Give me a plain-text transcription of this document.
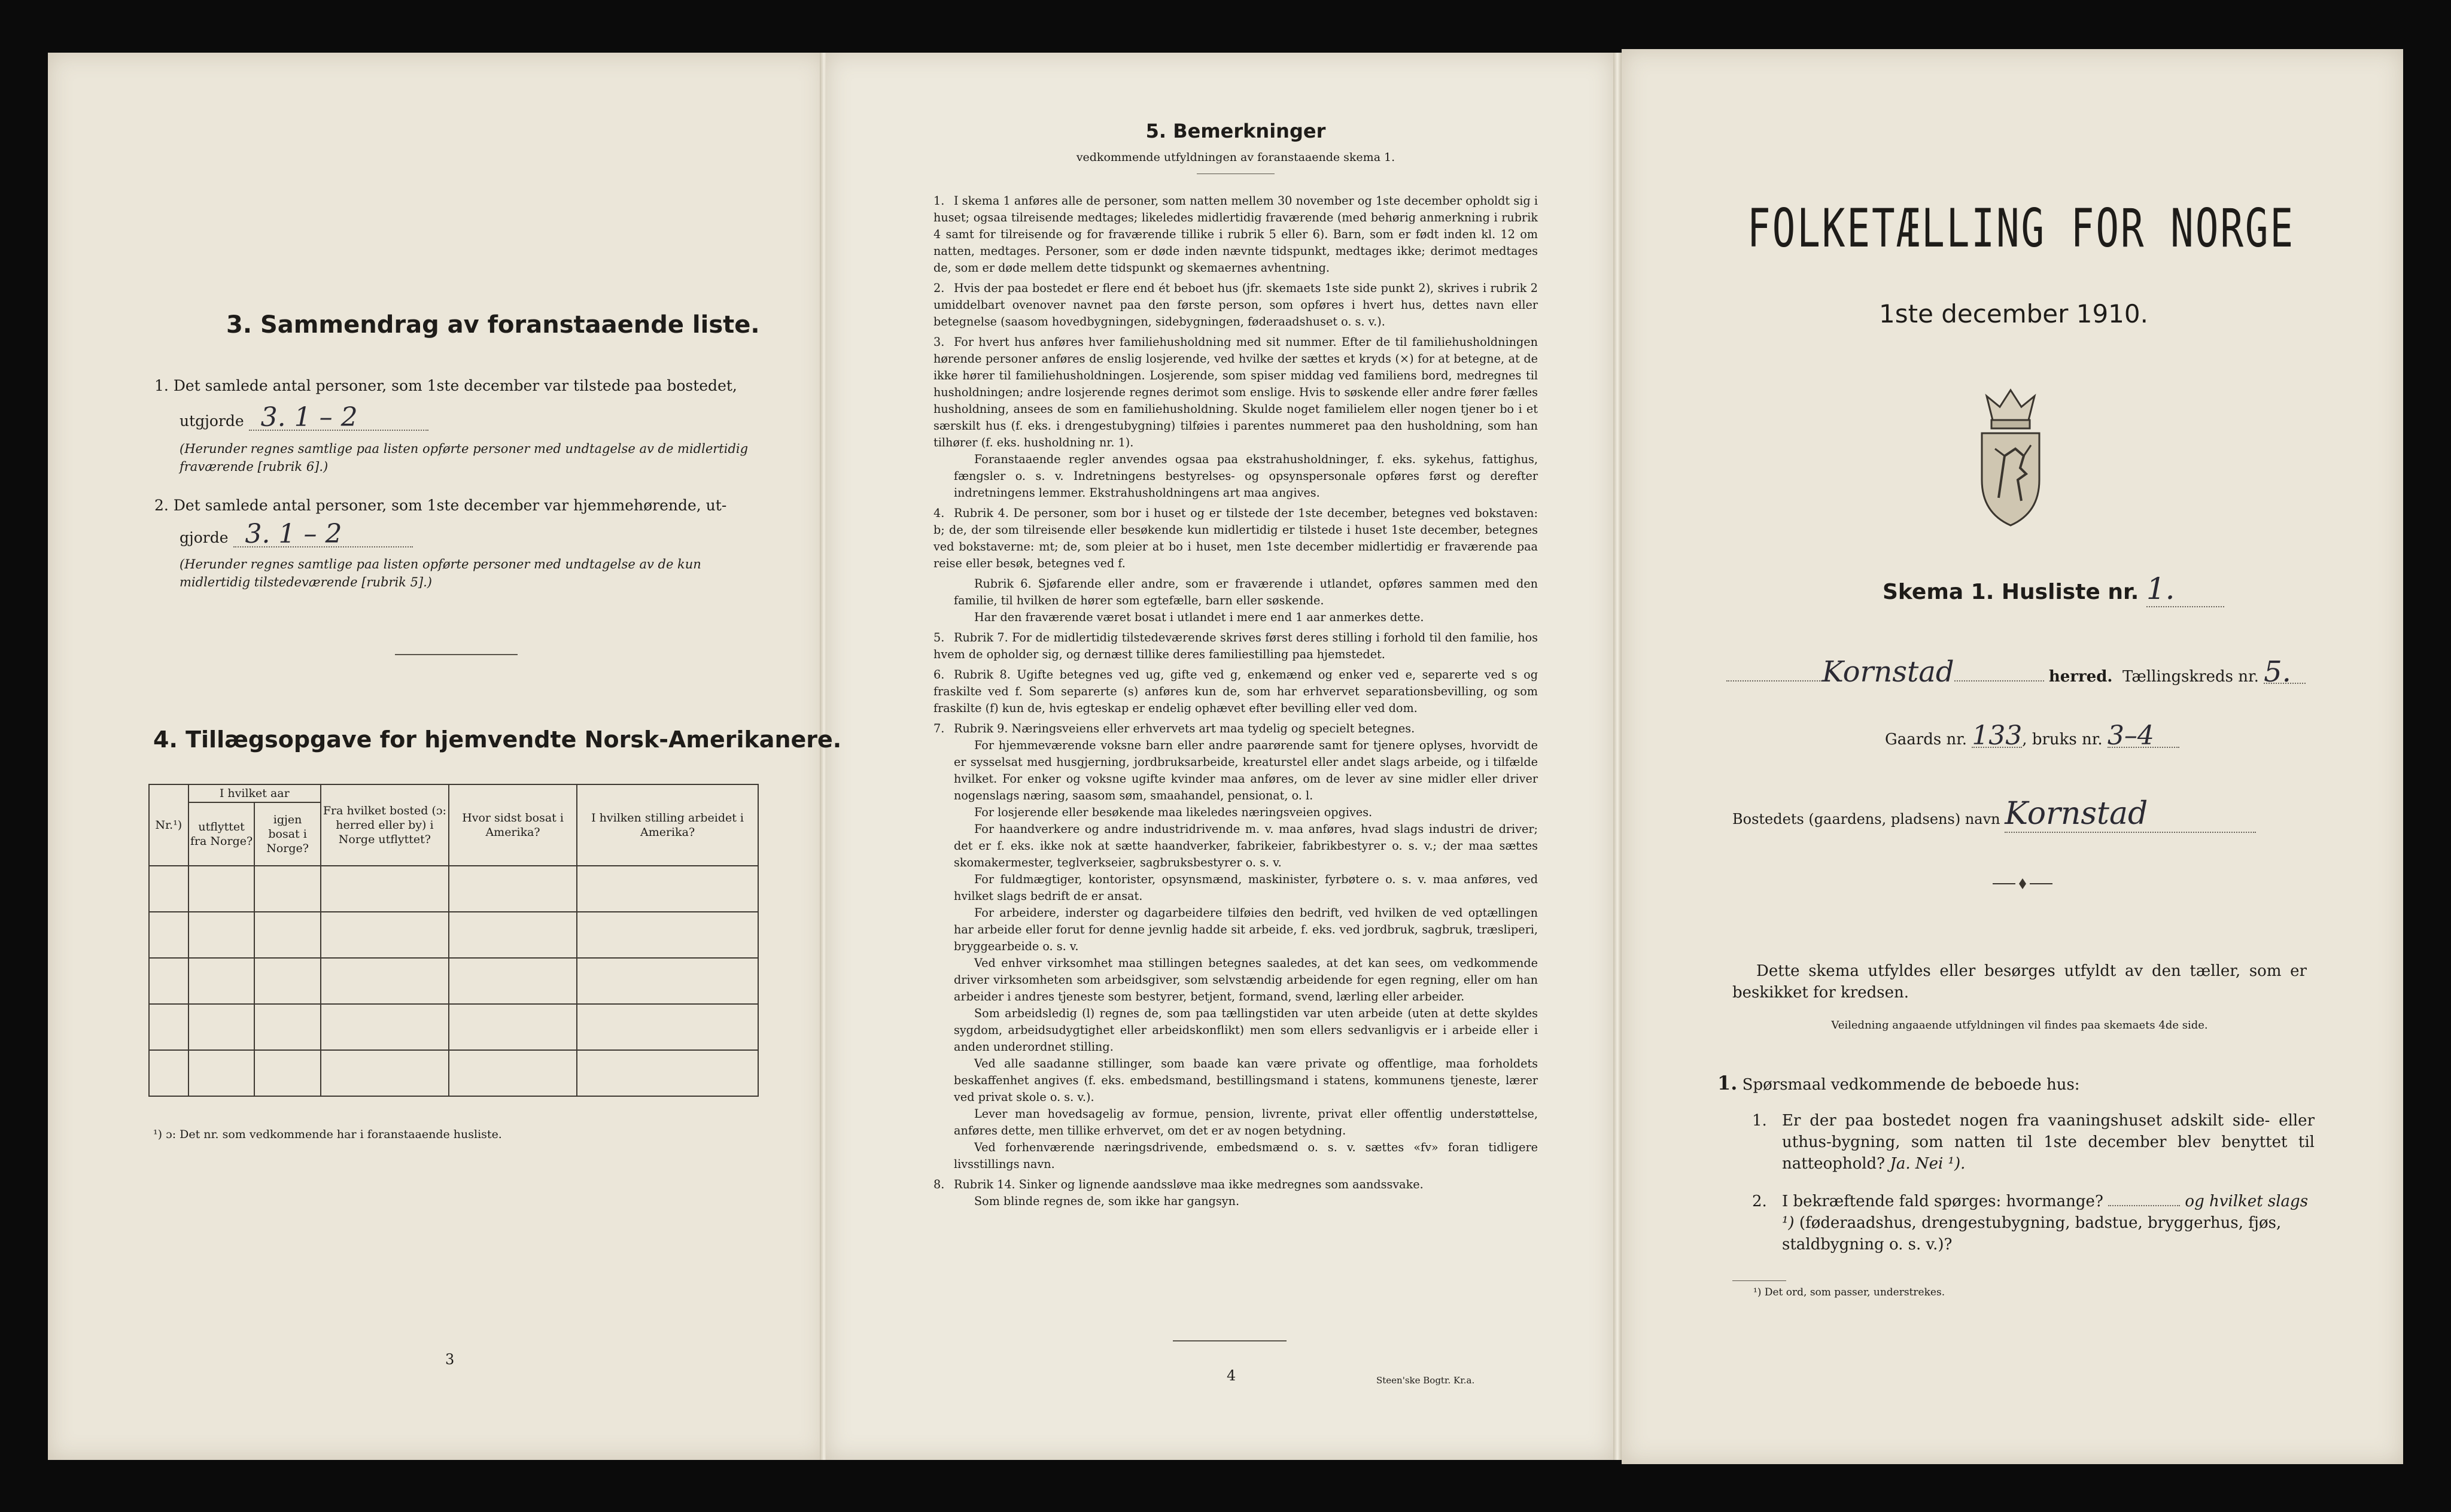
3. Sammendrag av foranstaaende liste.
1. Det samlede antal personer, som 1ste december var tilstede paa bostedet,
utgjorde 3. 1 – 2
(Herunder regnes samtlige paa listen opførte personer med undtagelse av de midlertidig fraværende [rubrik 6].)
2. Det samlede antal personer, som 1ste december var hjemmehørende, ut-
gjorde 3. 1 – 2
(Herunder regnes samtlige paa listen opførte personer med undtagelse av de kun midlertidig tilstedeværende [rubrik 5].)
4. Tillægsopgave for hjemvendte Norsk-Amerikanere.
Nr.¹)	I hvilket aar		Fra hvilket bosted (ɔ: herred eller by) i Norge utflyttet?	Hvor sidst bosat i Amerika?	I hvilken stilling arbeidet i Amerika?
	utflyttet fra Norge?	igjen bosat i Norge?			

¹) ɔ: Det nr. som vedkommende har i foranstaaende husliste.
3
5. Bemerkninger
vedkommende utfyldningen av foranstaaende skema 1.

1. I skema 1 anføres alle de personer, som natten mellem 30 november og 1ste december opholdt sig i huset; ogsaa tilreisende medtages; likeledes midlertidig fraværende (med behørig anmerkning i rubrik 4 samt for tilreisende og for fraværende tillike i rubrik 5 eller 6). Barn, som er født inden kl. 12 om natten, medtages. Personer, som er døde inden nævnte tidspunkt, medtages ikke; derimot medtages de, som er døde mellem dette tidspunkt og skemaernes avhentning.

2. Hvis der paa bostedet er flere end ét beboet hus (jfr. skemaets 1ste side punkt 2), skrives i rubrik 2 umiddelbart ovenover navnet paa den første person, som opføres i hvert hus, dettes navn eller betegnelse (saasom hovedbygningen, sidebygningen, føderaadshuset o. s. v.).

3. For hvert hus anføres hver familiehusholdning med sit nummer. Efter de til familiehusholdningen hørende personer anføres de enslig losjerende, ved hvilke der sættes et kryds (×) for at betegne, at de ikke hører til familiehusholdningen. Losjerende, som spiser middag ved familiens bord, medregnes til husholdningen; andre losjerende regnes derimot som enslige. Hvis to søskende eller andre fører fælles husholdning, ansees de som en familiehusholdning. Skulde noget familielem eller nogen tjener bo i et særskilt hus (f. eks. i drengestubygning) tilføies i parentes nummeret paa den husholdning, som han tilhører (f. eks. husholdning nr. 1).

Foranstaaende regler anvendes ogsaa paa ekstrahusholdninger, f. eks. sykehus, fattighus, fængsler o. s. v. Indretningens bestyrelses- og opsynspersonale opføres først og derefter indretningens lemmer. Ekstrahusholdningens art maa angives.

4. Rubrik 4. De personer, som bor i huset og er tilstede der 1ste december, betegnes ved bokstaven: b; de, der som tilreisende eller besøkende kun midlertidig er tilstede i huset 1ste december, betegnes ved bokstaverne: mt; de, som pleier at bo i huset, men 1ste december midlertidig er fraværende paa reise eller besøk, betegnes ved f.

Rubrik 6. Sjøfarende eller andre, som er fraværende i utlandet, opføres sammen med den familie, til hvilken de hører som egtefælle, barn eller søskende.

Har den fraværende været bosat i utlandet i mere end 1 aar anmerkes dette.

5. Rubrik 7. For de midlertidig tilstedeværende skrives først deres stilling i forhold til den familie, hos hvem de opholder sig, og dernæst tillike deres familiestilling paa hjemstedet.

6. Rubrik 8. Ugifte betegnes ved ug, gifte ved g, enkemænd og enker ved e, separerte ved s og fraskilte ved f. Som separerte (s) anføres kun de, som har erhvervet separationsbevilling, og som fraskilte (f) kun de, hvis egteskap er endelig ophævet efter bevilling eller ved dom.

7. Rubrik 9. Næringsveiens eller erhvervets art maa tydelig og specielt betegnes.

For hjemmeværende voksne barn eller andre paarørende samt for tjenere oplyses, hvorvidt de er sysselsat med husgjerning, jordbruksarbeide, kreaturstel eller andet slags arbeide, og i tilfælde hvilket. For enker og voksne ugifte kvinder maa anføres, om de lever av sine midler eller driver nogenslags næring, saasom søm, smaahandel, pensionat, o. l.

For losjerende eller besøkende maa likeledes næringsveien opgives.

For haandverkere og andre industridrivende m. v. maa anføres, hvad slags industri de driver; det er f. eks. ikke nok at sætte haandverker, fabrikeier, fabrikbestyrer o. s. v.; der maa sættes skomakermester, teglverkseier, sagbruksbestyrer o. s. v.

For fuldmægtiger, kontorister, opsynsmænd, maskinister, fyrbøtere o. s. v. maa anføres, ved hvilket slags bedrift de er ansat.

For arbeidere, inderster og dagarbeidere tilføies den bedrift, ved hvilken de ved optællingen har arbeide eller forut for denne jevnlig hadde sit arbeide, f. eks. ved jordbruk, sagbruk, træsliperi, bryggearbeide o. s. v.

Ved enhver virksomhet maa stillingen betegnes saaledes, at det kan sees, om vedkommende driver virksomheten som arbeidsgiver, som selvstændig arbeidende for egen regning, eller om han arbeider i andres tjeneste som bestyrer, betjent, formand, svend, lærling eller arbeider.

Som arbeidsledig (l) regnes de, som paa tællingstiden var uten arbeide (uten at dette skyldes sygdom, arbeidsudygtighet eller arbeidskonflikt) men som ellers sedvanligvis er i arbeide eller i anden underordnet stilling.

Ved alle saadanne stillinger, som baade kan være private og offentlige, maa forholdets beskaffenhet angives (f. eks. embedsmand, bestillingsmand i statens, kommunens tjeneste, lærer ved privat skole o. s. v.).

Lever man hovedsagelig av formue, pension, livrente, privat eller offentlig understøttelse, anføres dette, men tillike erhvervet, om det er av nogen betydning.

Ved forhenværende næringsdrivende, embedsmænd o. s. v. sættes «fv» foran tidligere livsstillings navn.

8. Rubrik 14. Sinker og lignende aandssløve maa ikke medregnes som aandssvake.

Som blinde regnes de, som ikke har gangsyn.

4	Steen'ske Bogtr. Kr.a.
FOLKETÆLLING FOR NORGE
1ste december 1910.
Skema 1. Husliste nr. 1.
Kornstad	herred. Tællingskreds nr. 5.
Gaards nr. 133, bruks nr. 3–4
Bostedets (gaardens, pladsens) navn Kornstad
Dette skema utfyldes eller besørges utfyldt av den tæller, som er beskikket for kredsen.
Veiledning angaaende utfyldningen vil findes paa skemaets 4de side.
1. Spørsmaal vedkommende de beboede hus:
1. Er der paa bostedet nogen fra vaaningshuset adskilt side- eller uthus-bygning, som natten til 1ste december blev benyttet til natteophold? Ja. Nei ¹).
2. I bekræftende fald spørges: hvormange?	og hvilket slags ¹) (føderaadshus, drengestubygning, badstue, bryggerhus, fjøs, staldbygning o. s. v.)?
¹) Det ord, som passer, understrekes.
